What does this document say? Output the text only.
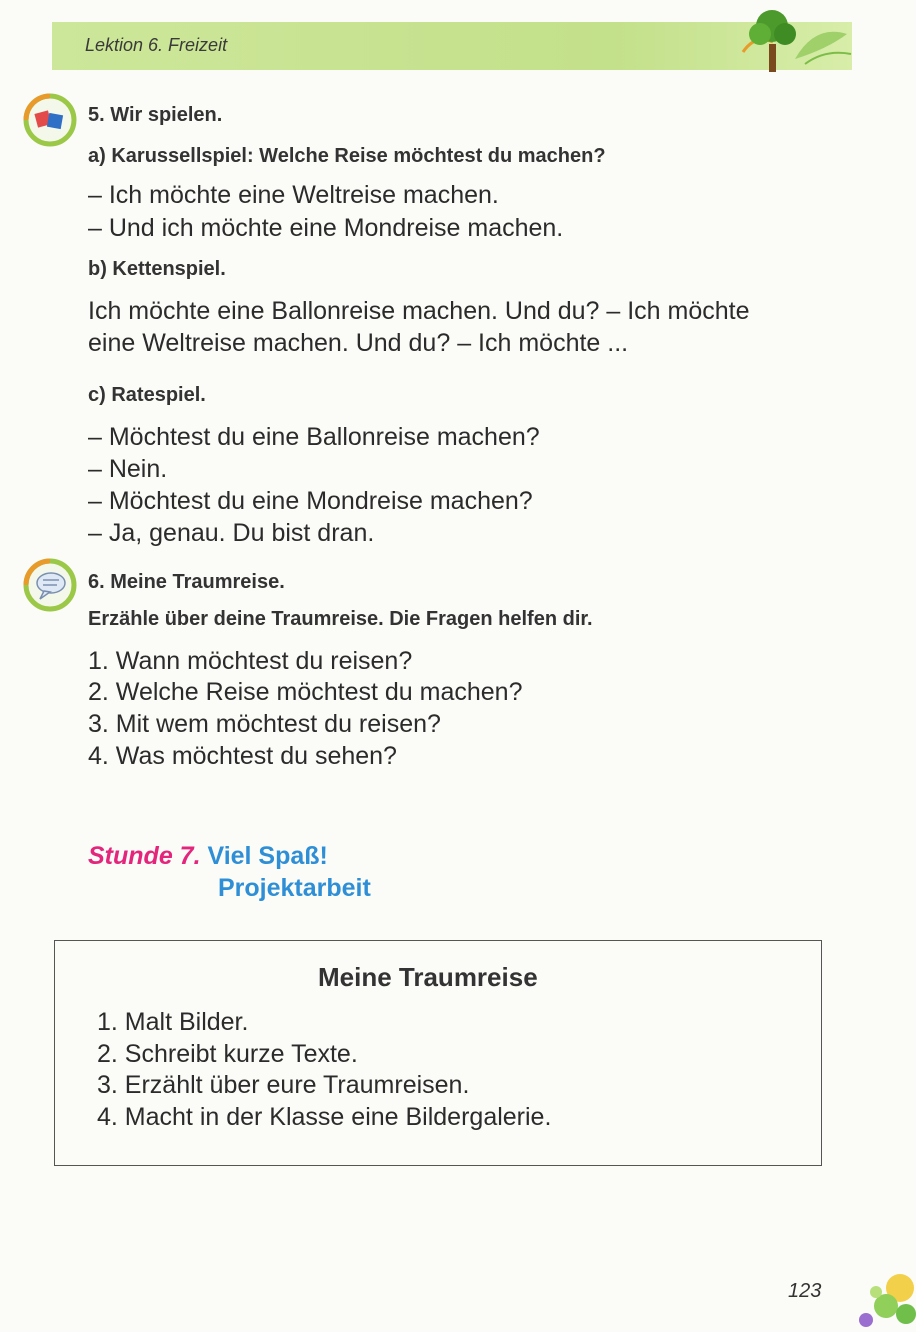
Lektion 6. Freizeit
5. Wir spielen.
a) Karussellspiel: Welche Reise möchtest du machen?
– Ich möchte eine Weltreise machen.
– Und ich möchte eine Mondreise machen.
b) Kettenspiel.
Ich möchte eine Ballonreise machen. Und du? – Ich möchte
eine Weltreise machen. Und du? – Ich möchte ...
c) Ratespiel.
– Möchtest du eine Ballonreise machen?
– Nein.
– Möchtest du eine Mondreise machen?
– Ja, genau. Du bist dran.
6. Meine Traumreise.
Erzähle über deine Traumreise. Die Fragen helfen dir.
1. Wann möchtest du reisen?
2. Welche Reise möchtest du machen?
3. Mit wem möchtest du reisen?
4. Was möchtest du sehen?
Stunde 7. Viel Spaß!
Projektarbeit
Meine Traumreise
1. Malt Bilder.
2. Schreibt kurze Texte.
3. Erzählt über eure Traumreisen.
4. Macht in der Klasse eine Bildergalerie.
123
